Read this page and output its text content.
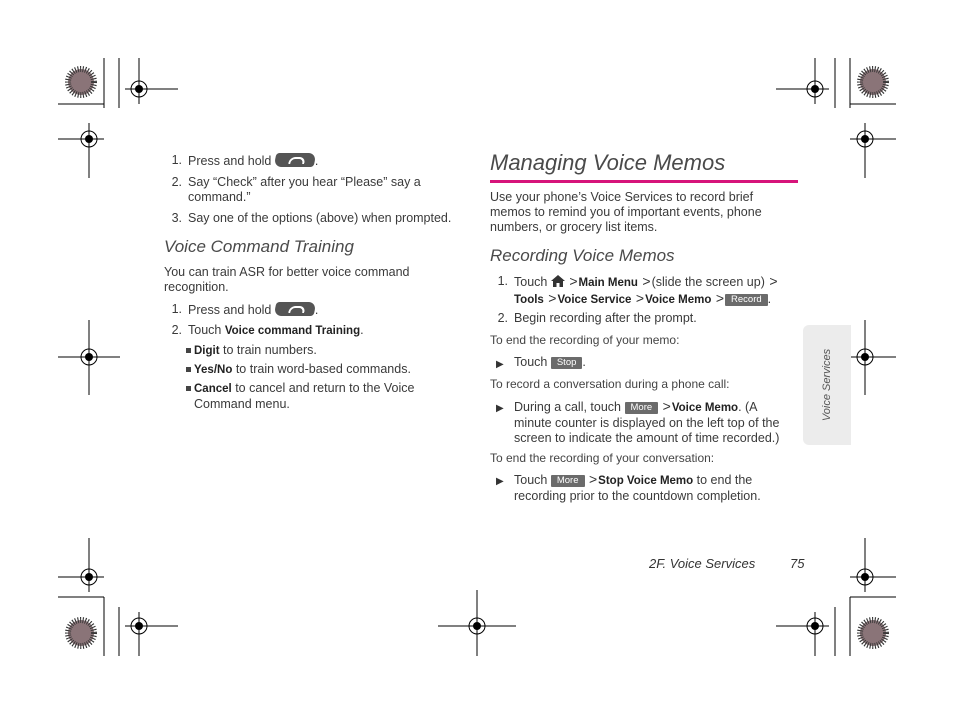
1. Press and hold	.
2. Say “Check” after you hear “Please” say a
command.”
3. Say one of the options (above) when prompted.
Voice Command Training
You can train ASR for better voice command
recognition.
1. Press and hold	.
2. Touch Voice command Training.
Digit to train numbers.
Yes/No to train word-based commands.
Cancel to cancel and return to the Voice
Command menu.
Managing Voice Memos
Use your phone’s Voice Services to record brief
memos to remind you of important events, phone
numbers, or grocery list items.
Recording Voice Memos
1. Touch >Main Menu >(slide the screen up) >
Tools >Voice Service >Voice Memo > Record .
2. Begin recording after the prompt.
To end the recording of your memo:
▶ Touch Stop .
To record a conversation during a phone call:
▶ During a call, touch More >Voice Memo. (A
minute counter is displayed on the left top of the
screen to indicate the amount of time recorded.)
To end the recording of your conversation:
▶ Touch More >Stop Voice Memo to end the
recording prior to the countdown completion.
Voice Services
2F. Voice Services	75
